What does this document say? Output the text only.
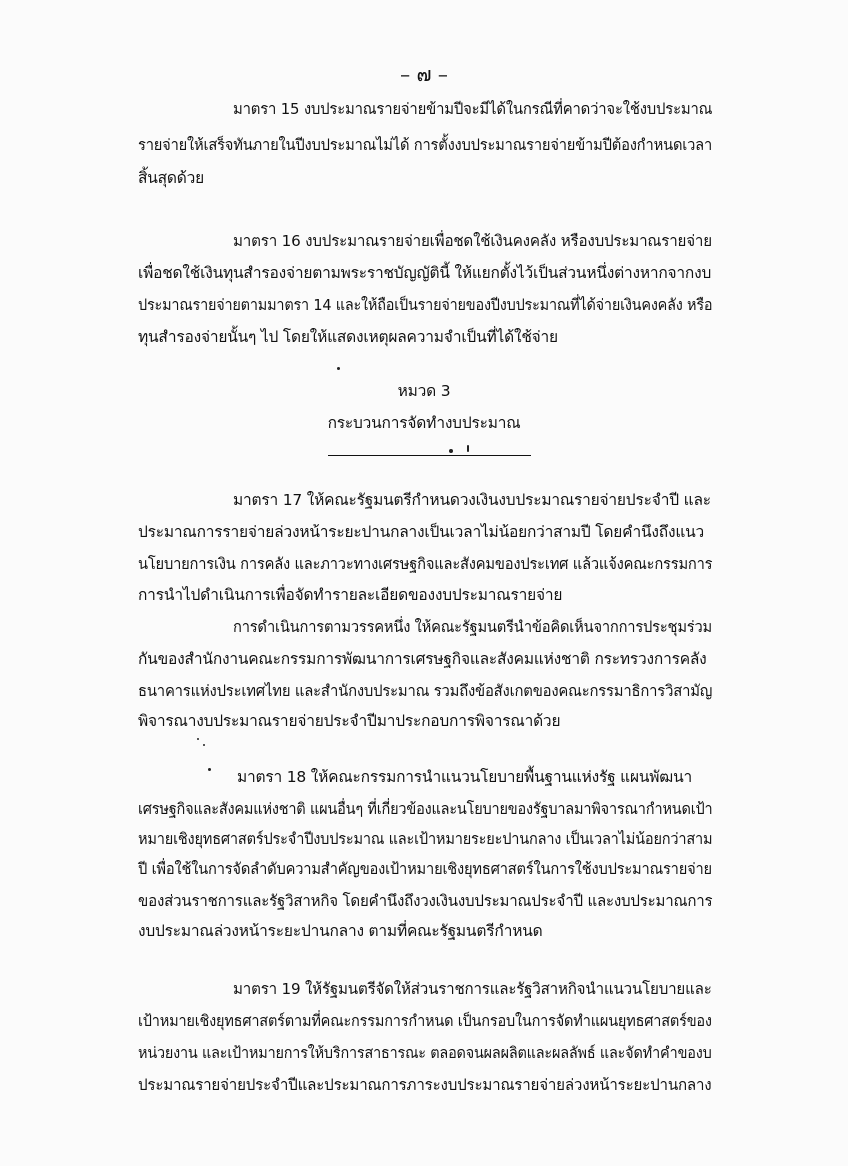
– ๗ –
มาตรา 15 งบประมาณรายจ่ายข้ามปีจะมีได้ในกรณีที่คาดว่าจะใช้งบประมาณ
รายจ่ายให้เสร็จทันภายในปีงบประมาณไม่ได้ การตั้งงบประมาณรายจ่ายข้ามปีต้องกำหนดเวลา
สิ้นสุดด้วย
มาตรา 16 งบประมาณรายจ่ายเพื่อชดใช้เงินคงคลัง หรืองบประมาณรายจ่าย
เพื่อชดใช้เงินทุนสำรองจ่ายตามพระราชบัญญัตินี้ ให้แยกตั้งไว้เป็นส่วนหนึ่งต่างหากจากงบ
ประมาณรายจ่ายตามมาตรา 14 และให้ถือเป็นรายจ่ายของปีงบประมาณที่ได้จ่ายเงินคงคลัง หรือ
ทุนสำรองจ่ายนั้นๆ ไป โดยให้แสดงเหตุผลความจำเป็นที่ได้ใช้จ่าย
หมวด 3
กระบวนการจัดทำงบประมาณ
มาตรา 17 ให้คณะรัฐมนตรีกำหนดวงเงินงบประมาณรายจ่ายประจำปี และ
ประมาณการรายจ่ายล่วงหน้าระยะปานกลางเป็นเวลาไม่น้อยกว่าสามปี โดยคำนึงถึงแนว
นโยบายการเงิน การคลัง และภาวะทางเศรษฐกิจและสังคมของประเทศ แล้วแจ้งคณะกรรมการ
การนำไปดำเนินการเพื่อจัดทำรายละเอียดของงบประมาณรายจ่าย
การดำเนินการตามวรรคหนึ่ง ให้คณะรัฐมนตรีนำข้อคิดเห็นจากการประชุมร่วม
กันของสำนักงานคณะกรรมการพัฒนาการเศรษฐกิจและสังคมแห่งชาติ กระทรวงการคลัง
ธนาคารแห่งประเทศไทย และสำนักงบประมาณ รวมถึงข้อสังเกตของคณะกรรมาธิการวิสามัญ
พิจารณางบประมาณรายจ่ายประจำปีมาประกอบการพิจารณาด้วย
มาตรา 18 ให้คณะกรรมการนำแนวนโยบายพื้นฐานแห่งรัฐ แผนพัฒนา
เศรษฐกิจและสังคมแห่งชาติ แผนอื่นๆ ที่เกี่ยวข้องและนโยบายของรัฐบาลมาพิจารณากำหนดเป้า
หมายเชิงยุทธศาสตร์ประจำปีงบประมาณ และเป้าหมายระยะปานกลาง เป็นเวลาไม่น้อยกว่าสาม
ปี เพื่อใช้ในการจัดลำดับความสำคัญของเป้าหมายเชิงยุทธศาสตร์ในการใช้งบประมาณรายจ่าย
ของส่วนราชการและรัฐวิสาหกิจ โดยคำนึงถึงวงเงินงบประมาณประจำปี และงบประมาณการ
งบประมาณล่วงหน้าระยะปานกลาง ตามที่คณะรัฐมนตรีกำหนด
มาตรา 19 ให้รัฐมนตรีจัดให้ส่วนราชการและรัฐวิสาหกิจนำแนวนโยบายและ
เป้าหมายเชิงยุทธศาสตร์ตามที่คณะกรรมการกำหนด เป็นกรอบในการจัดทำแผนยุทธศาสตร์ของ
หน่วยงาน และเป้าหมายการให้บริการสาธารณะ ตลอดจนผลผลิตและผลลัพธ์ และจัดทำคำของบ
ประมาณรายจ่ายประจำปีและประมาณการภาระงบประมาณรายจ่ายล่วงหน้าระยะปานกลาง
